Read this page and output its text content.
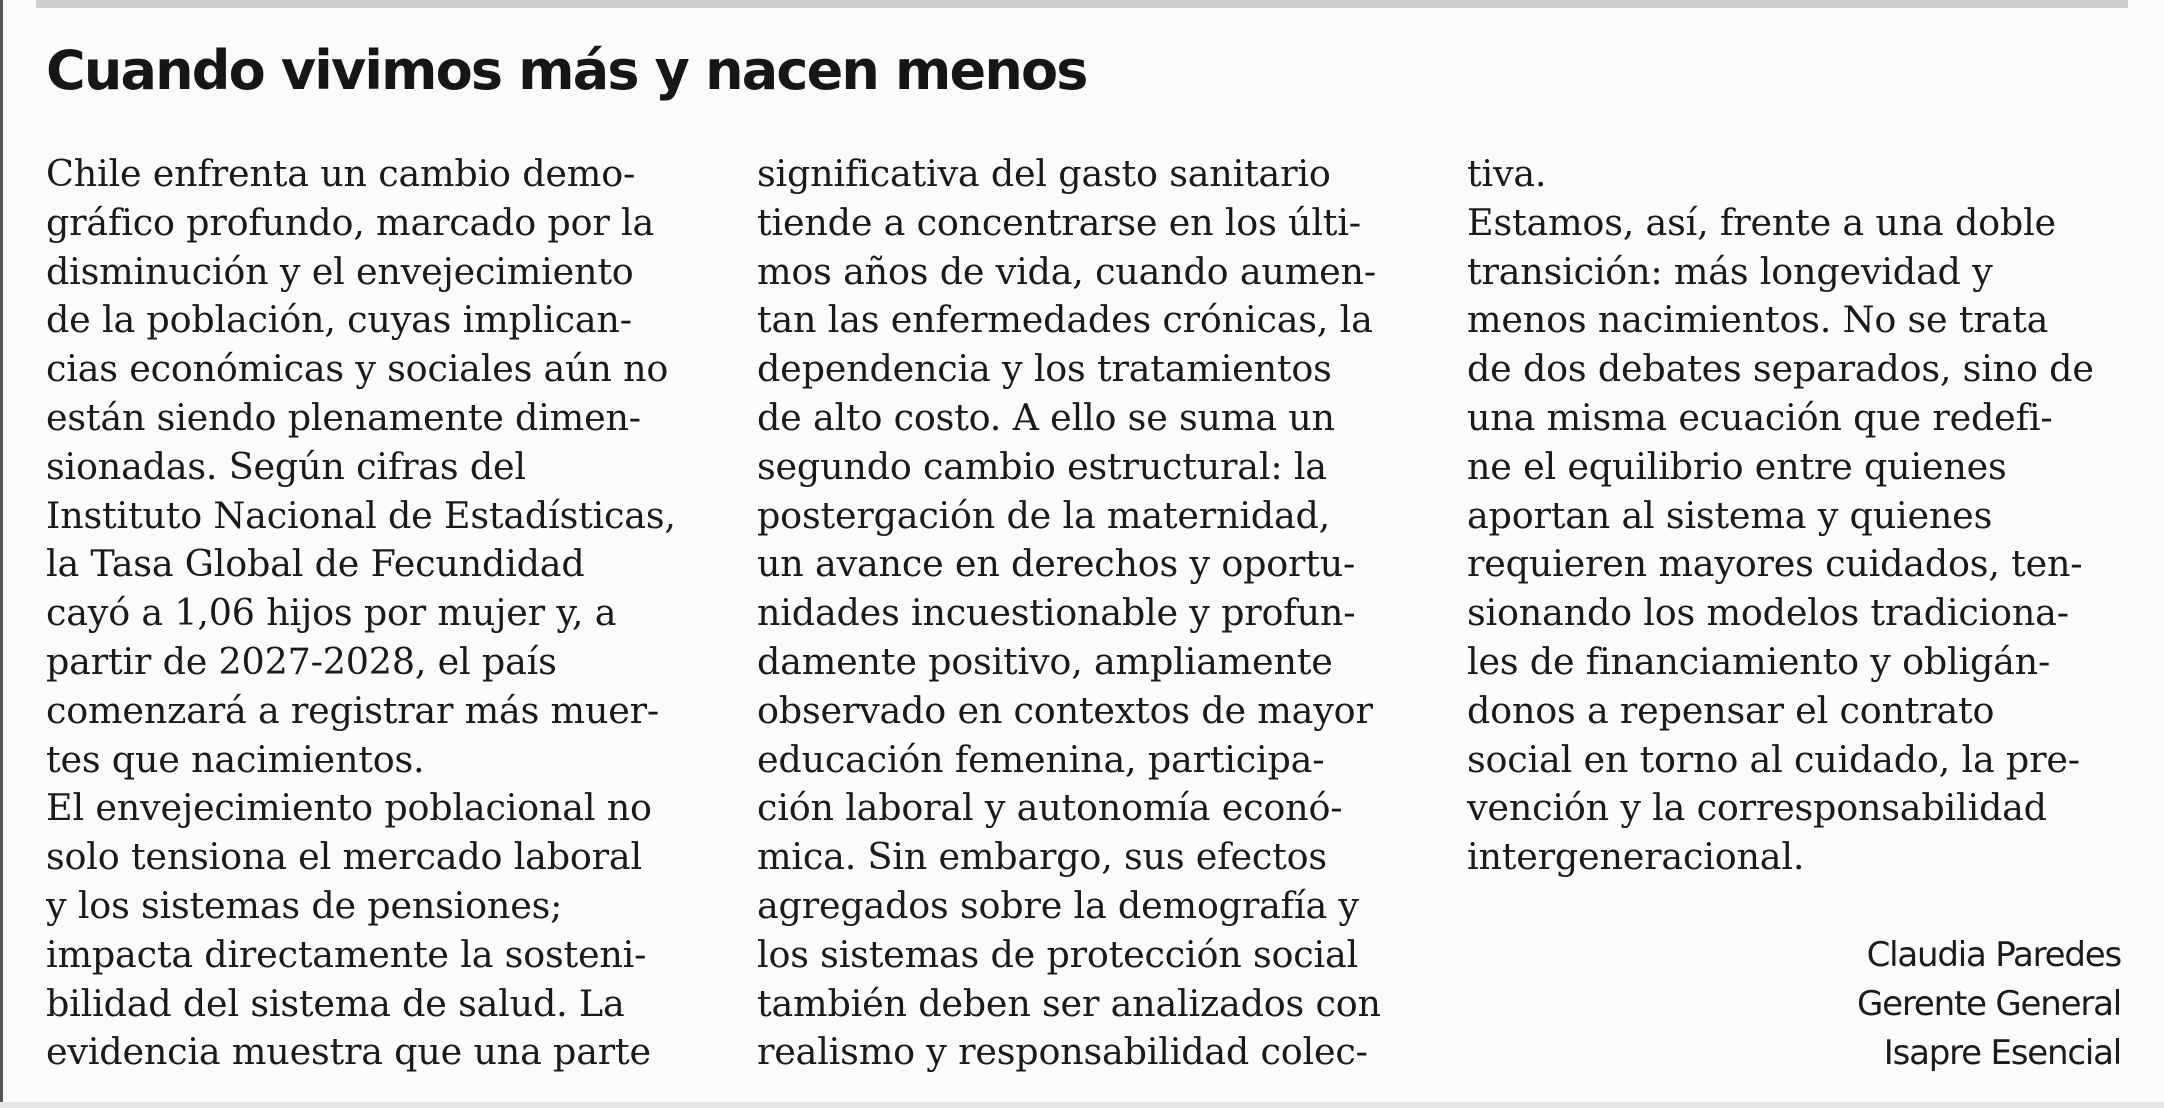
Cuando vivimos más y nacen menos
Chile enfrenta un cambio demo-
gráfico profundo, marcado por la
disminución y el envejecimiento
de la población, cuyas implican-
cias económicas y sociales aún no
están siendo plenamente dimen-
sionadas. Según cifras del
Instituto Nacional de Estadísticas,
la Tasa Global de Fecundidad
cayó a 1,06 hijos por mujer y, a
partir de 2027-2028, el país
comenzará a registrar más muer-
tes que nacimientos.
El envejecimiento poblacional no
solo tensiona el mercado laboral
y los sistemas de pensiones;
impacta directamente la sosteni-
bilidad del sistema de salud. La
evidencia muestra que una parte
significativa del gasto sanitario
tiende a concentrarse en los últi-
mos años de vida, cuando aumen-
tan las enfermedades crónicas, la
dependencia y los tratamientos
de alto costo. A ello se suma un
segundo cambio estructural: la
postergación de la maternidad,
un avance en derechos y oportu-
nidades incuestionable y profun-
damente positivo, ampliamente
observado en contextos de mayor
educación femenina, participa-
ción laboral y autonomía econó-
mica. Sin embargo, sus efectos
agregados sobre la demografía y
los sistemas de protección social
también deben ser analizados con
realismo y responsabilidad colec-
tiva.
Estamos, así, frente a una doble
transición: más longevidad y
menos nacimientos. No se trata
de dos debates separados, sino de
una misma ecuación que redefi-
ne el equilibrio entre quienes
aportan al sistema y quienes
requieren mayores cuidados, ten-
sionando los modelos tradiciona-
les de financiamiento y obligán-
donos a repensar el contrato
social en torno al cuidado, la pre-
vención y la corresponsabilidad
intergeneracional.
Claudia Paredes
Gerente General
Isapre Esencial
